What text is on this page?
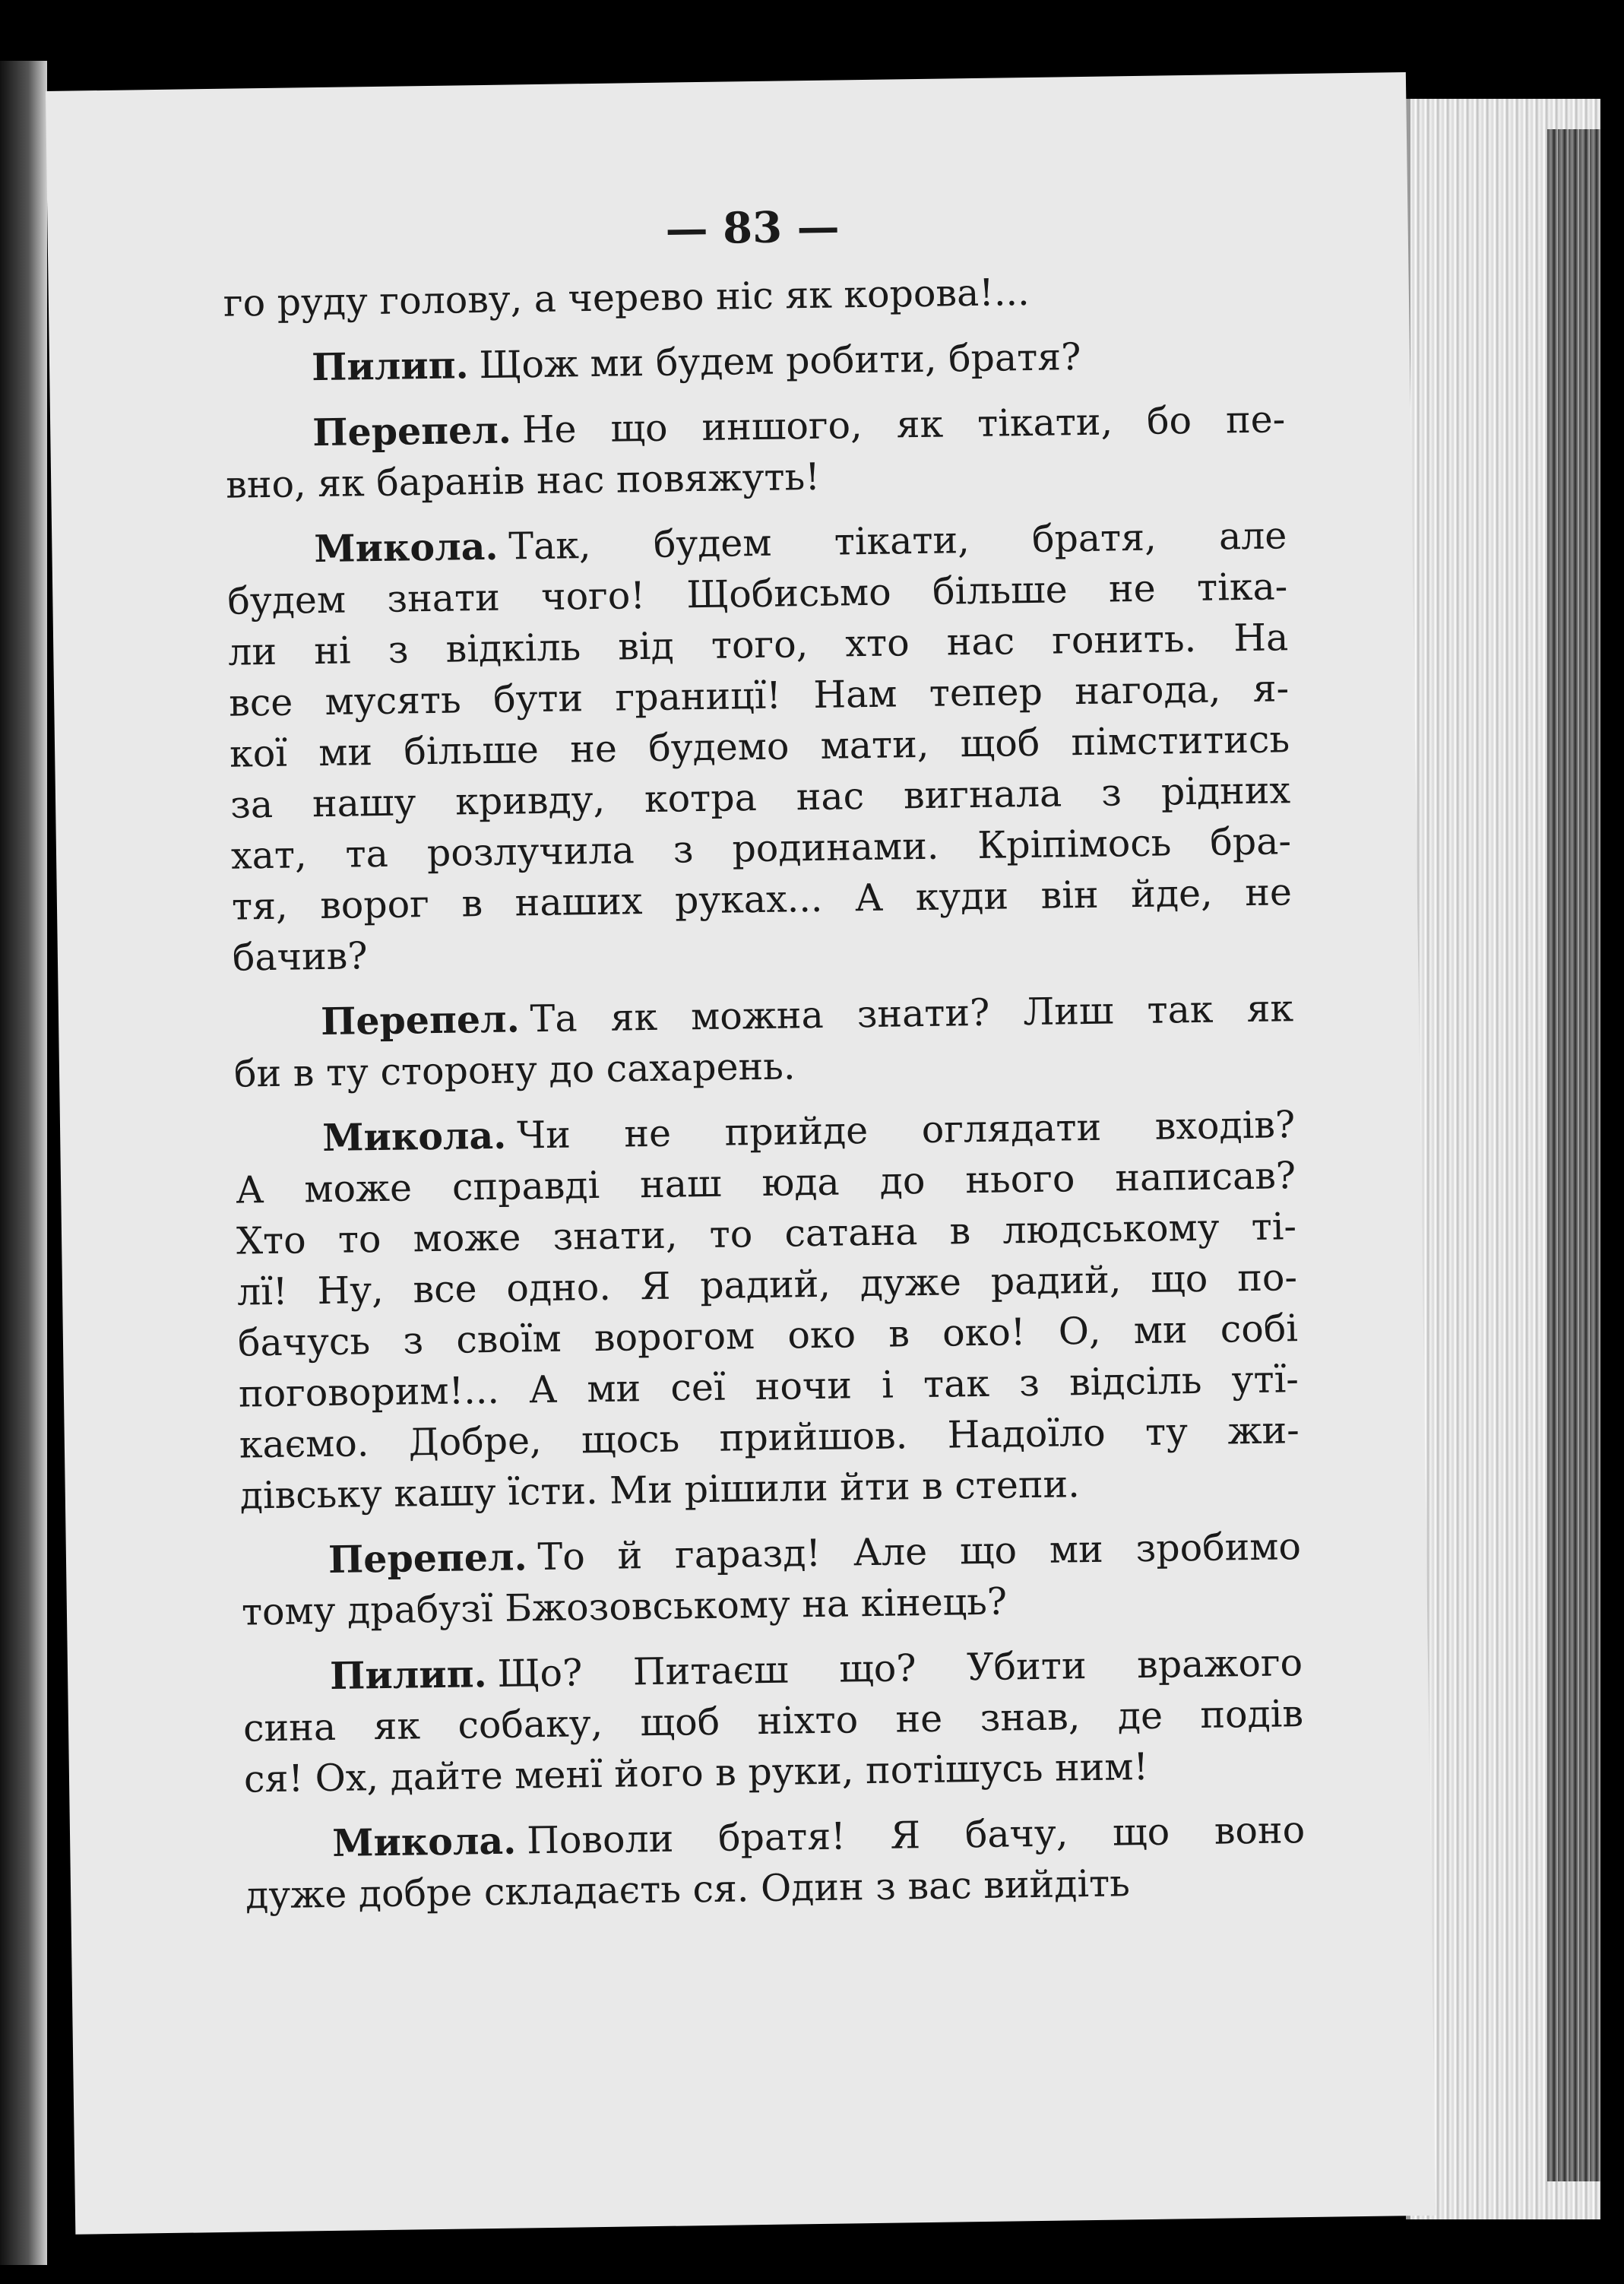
— 83 —
го руду голову, а черево ніс як корова!...
Пилип. Щож ми будем робити, братя?
Перепел. Не що иншого, як тікати, бо пе-
вно, як баранів нас повяжуть!
Микола. Так, будем тікати, братя, але
будем знати чого! Щобисьмо більше не тіка-
ли ні з відкіль від того, хто нас гонить. На
все мусять бути границї! Нам тепер нагода, я-
кої ми більше не будемо мати, щоб пімститись
за нашу кривду, котра нас вигнала з рідних
хат, та розлучила з родинами. Кріпімось бра-
тя, ворог в наших руках... А куди він йде, не
бачив?
Перепел. Та як можна знати? Лиш так як
би в ту сторону до сахарень.
Микола. Чи не прийде оглядати входів?
А може справді наш юда до нього написав?
Хто то може знати, то сатана в людському ті-
лї! Ну, все одно. Я радий, дуже радий, що по-
бачусь з своїм ворогом око в око! О, ми собі
поговорим!... А ми сеї ночи і так з відсіль утї-
каємо. Добре, щось прийшов. Надоїло ту жи-
дівську кашу їсти. Ми рішили йти в степи.
Перепел. То й гаразд! Але що ми зробимо
тому драбузї Бжозовському на кінець?
Пилип. Що? Питаєш що? Убити вражого
сина як собаку, щоб ніхто не знав, де подів
ся! Ох, дайте менї його в руки, потішусь ним!
Микола. Поволи братя! Я бачу, що воно
дуже добре складаєть ся. Один з вас вийдіть
